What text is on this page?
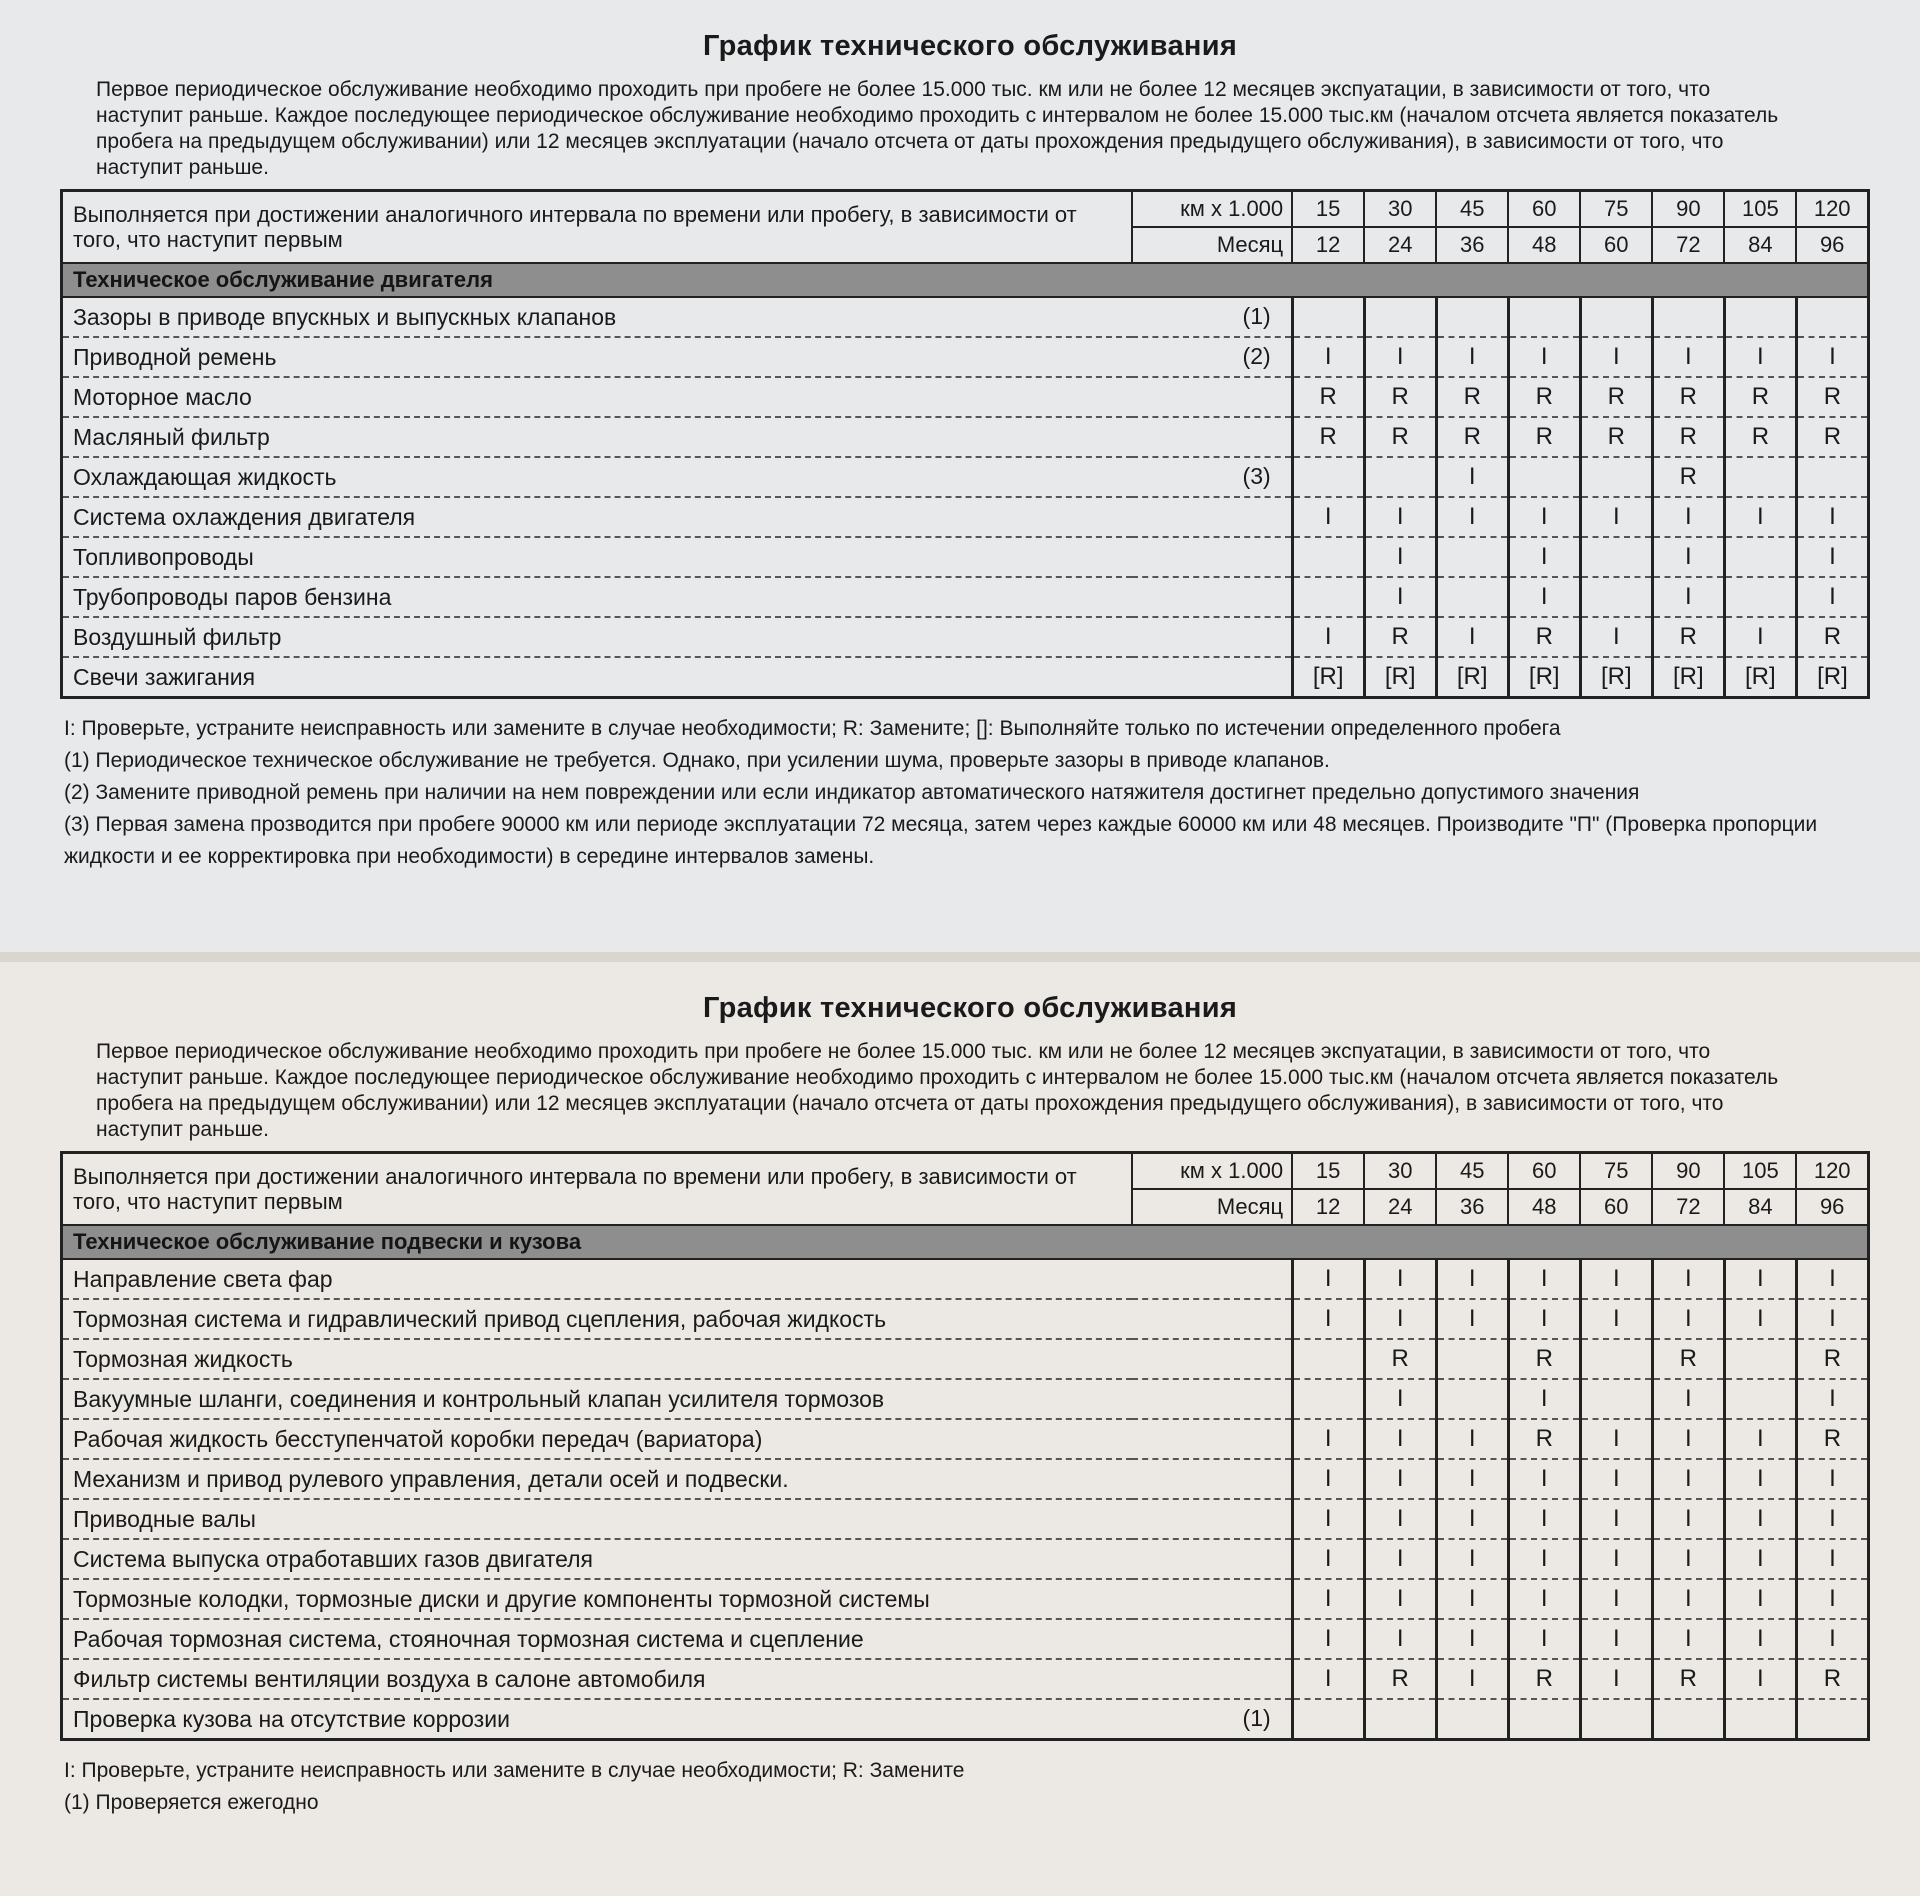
График технического обслуживания
Первое периодическое обслуживание необходимо проходить при пробеге не более 15.000 тыс. км или не более 12 месяцев экспуатации, в зависимости от того, что наступит раньше. Каждое последующее периодическое обслуживание необходимо проходить с интервалом не более 15.000 тыс.км (началом отсчета является показатель пробега на предыдущем обслуживании) или 12 месяцев эксплуатации (начало отсчета от даты прохождения предыдущего обслуживания), в зависимости от того, что наступит раньше.
Выполняется при достижении аналогичного интервала по времени или пробегу, в зависимости от того, что наступит первым	км х 1.000	15	30	45	60	75	90	105	120
	Месяц	12	24	36	48	60	72	84	96
Техническое обслуживание двигателя									
Зазоры в приводе впускных и выпускных клапанов (1)									

Приводной ремень (2)		I	I	I	I	I	I	I	I
Моторное масло		R	R	R	R	R	R	R	R
Масляный фильтр		R	R	R	R	R	R	R	R
Охлаждающая жидкость (3)				I			R		
Система охлаждения двигателя		I	I	I	I	I	I	I	I
Топливопроводы			I		I		I		I
Трубопроводы паров бензина			I		I		I		I
Воздушный фильтр		I	R	I	R	I	R	I	R
Свечи зажигания		[R]	[R]	[R]	[R]	[R]	[R]	[R]	[R]

I: Проверьте, устраните неисправность или замените в случае необходимости; R: Замените; []: Выполняйте только по истечении определенного пробега

(1) Периодическое техническое обслуживание не требуется. Однако, при усилении шума, проверьте зазоры в приводе клапанов.

(2) Замените приводной ремень при наличии на нем повреждении или если индикатор автоматического натяжителя достигнет предельно допустимого значения

(3) Первая замена прозводится при пробеге 90000 км или периоде эксплуатации 72 месяца, затем через каждые 60000 км или 48 месяцев. Производите "П" (Проверка пропорции жидкости и ее корректировка при необходимости) в середине интервалов замены.

График технического обслуживания
Первое периодическое обслуживание необходимо проходить при пробеге не более 15.000 тыс. км или не более 12 месяцев экспуатации, в зависимости от того, что наступит раньше. Каждое последующее периодическое обслуживание необходимо проходить с интервалом не более 15.000 тыс.км (началом отсчета является показатель пробега на предыдущем обслуживании) или 12 месяцев эксплуатации (начало отсчета от даты прохождения предыдущего обслуживания), в зависимости от того, что наступит раньше.
Выполняется при достижении аналогичного интервала по времени или пробегу, в зависимости от того, что наступит первым	км х 1.000	15	30	45	60	75	90	105	120
	Месяц	12	24	36	48	60	72	84	96
Техническое обслуживание подвески и кузова									
Направление света фар		I	I	I	I	I	I	I	I
Тормозная система и гидравлический привод сцепления, рабочая жидкость		I	I	I	I	I	I	I	I
Тормозная жидкость			R		R		R		R
Вакуумные шланги, соединения и контрольный клапан усилителя тормозов			I		I		I		I
Рабочая жидкость бесступенчатой коробки передач (вариатора)		I	I	I	R	I	I	I	R
Механизм и привод рулевого управления, детали осей и подвески.		I	I	I	I	I	I	I	I
Приводные валы		I	I	I	I	I	I	I	I
Система выпуска отработавших газов двигателя		I	I	I	I	I	I	I	I
Тормозные колодки, тормозные диски и другие компоненты тормозной системы		I	I	I	I	I	I	I	I
Рабочая тормозная система, стояночная тормозная система и сцепление		I	I	I	I	I	I	I	I
Фильтр системы вентиляции воздуха в салоне автомобиля		I	R	I	R	I	R	I	R
Проверка кузова на отсутствие коррозии (1)									

I: Проверьте, устраните неисправность или замените в случае необходимости; R: Замените

(1) Проверяется ежегодно
